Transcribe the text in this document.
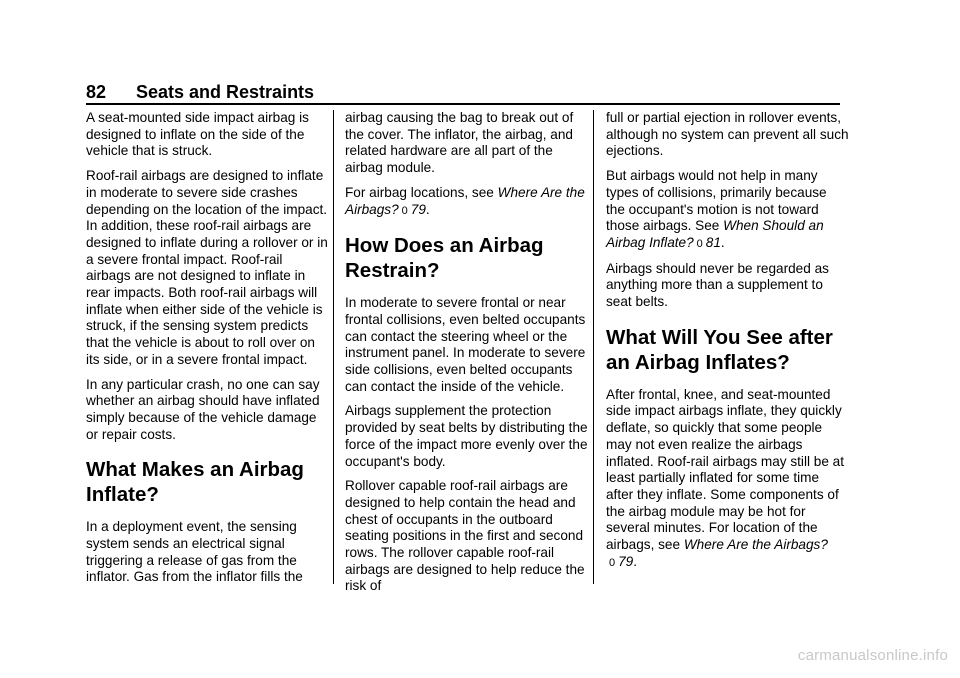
82 Seats and Restraints

A seat-mounted side impact airbag is designed to inflate on the side of the vehicle that is struck.

Roof-rail airbags are designed to inflate in moderate to severe side crashes depending on the location of the impact. In addition, these roof-rail airbags are designed to inflate during a rollover or in a severe frontal impact. Roof-rail airbags are not designed to inflate in rear impacts. Both roof-rail airbags will inflate when either side of the vehicle is struck, if the sensing system predicts that the vehicle is about to roll over on its side, or in a severe frontal impact.

In any particular crash, no one can say whether an airbag should have inflated simply because of the vehicle damage or repair costs.

What Makes an Airbag Inflate?

In a deployment event, the sensing system sends an electrical signal triggering a release of gas from the inflator. Gas from the inflator fills the

airbag causing the bag to break out of the cover. The inflator, the airbag, and related hardware are all part of the airbag module.

For airbag locations, see Where Are the Airbags? 0 79.

How Does an Airbag Restrain?

In moderate to severe frontal or near frontal collisions, even belted occupants can contact the steering wheel or the instrument panel. In moderate to severe side collisions, even belted occupants can contact the inside of the vehicle.

Airbags supplement the protection provided by seat belts by distributing the force of the impact more evenly over the occupant's body.

Rollover capable roof-rail airbags are designed to help contain the head and chest of occupants in the outboard seating positions in the first and second rows. The rollover capable roof-rail airbags are designed to help reduce the risk of

full or partial ejection in rollover events, although no system can prevent all such ejections.

But airbags would not help in many types of collisions, primarily because the occupant's motion is not toward those airbags. See When Should an Airbag Inflate? 0 81.

Airbags should never be regarded as anything more than a supplement to seat belts.

What Will You See after an Airbag Inflates?

After frontal, knee, and seat-mounted side impact airbags inflate, they quickly deflate, so quickly that some people may not even realize the airbags inflated. Roof-rail airbags may still be at least partially inflated for some time after they inflate. Some components of the airbag module may be hot for several minutes. For location of the airbags, see Where Are the Airbags?0 79.

carmanualsonline.info
